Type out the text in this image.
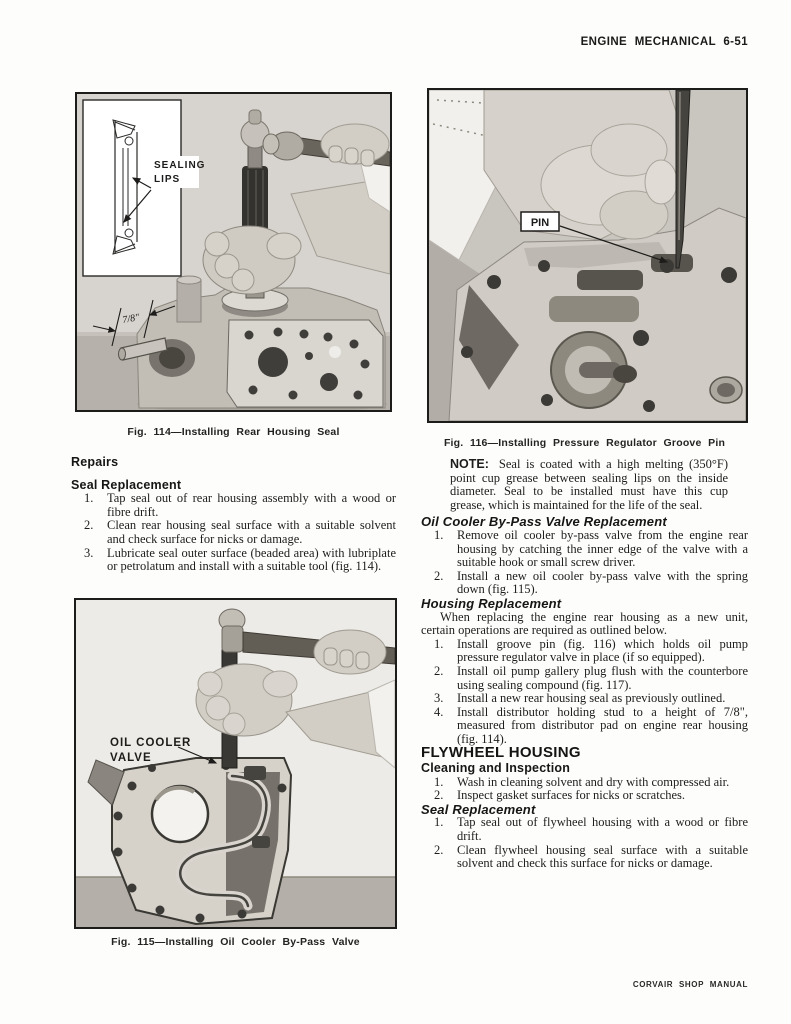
ENGINE MECHANICAL 6-51
SEALING
LIPS
7/8"
Fig. 114—Installing Rear Housing Seal
PIN
Fig. 116—Installing Pressure Regulator Groove Pin
Repairs
Seal Replacement
1.	Tap seal out of rear housing assembly with a wood or fibre drift.
2.	Clean rear housing seal surface with a suitable solvent and check surface for nicks or damage.
3.	Lubricate seal outer surface (beaded area) with lubriplate or petrolatum and install with a suitable tool (fig. 114).
OIL COOLER
VALVE
Fig. 115—Installing Oil Cooler By-Pass Valve

NOTE: Seal is coated with a high melting (350°F) point cup grease between sealing lips on the inside diameter. Seal to be installed must have this cup grease, which is maintained for the life of the seal.

Oil Cooler By-Pass Valve Replacement
1.	Remove oil cooler by-pass valve from the engine rear housing by catching the inner edge of the valve with a suitable hook or small screw driver.
2.	Install a new oil cooler by-pass valve with the spring down (fig. 115).
Housing Replacement

When replacing the engine rear housing as a new unit, certain operations are required as outlined below.

1.	Install groove pin (fig. 116) which holds oil pump pressure regulator valve in place (if so equipped).
2.	Install oil pump gallery plug flush with the counterbore using sealing compound (fig. 117).
3.	Install a new rear housing seal as previously outlined.
4.	Install distributor holding stud to a height of 7/8", measured from distributor pad on engine rear housing (fig. 114).
FLYWHEEL HOUSING
Cleaning and Inspection
1.	Wash in cleaning solvent and dry with compressed air.
2.	Inspect gasket surfaces for nicks or scratches.
Seal Replacement
1.	Tap seal out of flywheel housing with a wood or fibre drift.
2.	Clean flywheel housing seal surface with a suitable solvent and check this surface for nicks or damage.
CORVAIR SHOP MANUAL
